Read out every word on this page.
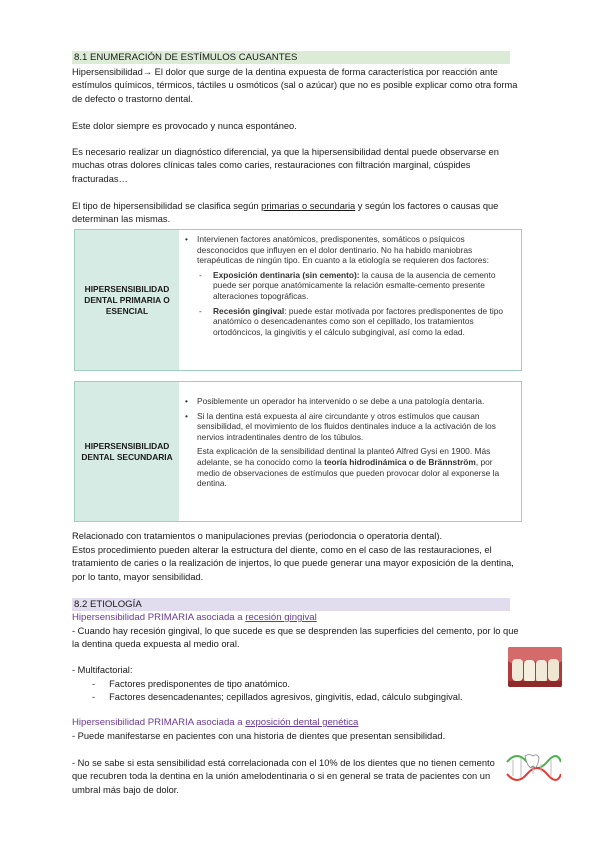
8.1 ENUMERACIÓN DE ESTÍMULOS CAUSANTES

Hipersensibilidad→ El dolor que surge de la dentina expuesta de forma característica por reacción ante estímulos químicos, térmicos, táctiles u osmóticos (sal o azúcar) que no es posible explicar como otra forma de defecto o trastorno dental.

Este dolor siempre es provocado y nunca espontáneo.

Es necesario realizar un diagnóstico diferencial, ya que la hipersensibilidad dental puede observarse en muchas otras dolores clínicas tales como caries, restauraciones con filtración marginal, cúspides fracturadas…

El tipo de hipersensibilidad se clasifica según primarias o secundaria y según los factores o causas que determinan las mismas.

HIPERSENSIBILIDAD DENTAL PRIMARIA O ESENCIAL
•	Intervienen factores anatómicos, predisponentes, somáticos o psíquicos desconocidos que influyen en el dolor dentinario. No ha habido maniobras terapéuticas de ningún tipo. En cuanto a la etiología se requieren dos factores:
-	Exposición dentinaria (sin cemento): la causa de la ausencia de cemento puede ser porque anatómicamente la relación esmalte-cemento presente alteraciones topográficas.
-	Recesión gingival: puede estar motivada por factores predisponentes de tipo anatómico o desencadenantes como son el cepillado, los tratamientos ortodóncicos, la gingivitis y el cálculo subgingival, así como la edad.
HIPERSENSIBILIDAD DENTAL SECUNDARIA
•	Posiblemente un operador ha intervenido o se debe a una patología dentaria.
•	Si la dentina está expuesta al aire circundante y otros estímulos que causan sensibilidad, el movimiento de los fluidos dentinales induce a la activación de los nervios intradentinales dentro de los túbulos.
Esta explicación de la sensibilidad dentinal la planteó Alfred Gysi en 1900. Más adelante, se ha conocido como la teoría hidrodinámica o de Brännström, por medio de observaciones de estímulos que pueden provocar dolor al exponerse la dentina.

Relacionado con tratamientos o manipulaciones previas (periodoncia o operatoria dental).

Estos procedimiento pueden alterar la estructura del diente, como en el caso de las restauraciones, el tratamiento de caries o la realización de injertos, lo que puede generar una mayor exposición de la dentina, por lo tanto, mayor sensibilidad.

8.2 ETIOLOGÍA
Hipersensibilidad PRIMARIA asociada a recesión gingival

- Cuando hay recesión gingival, lo que sucede es que se desprenden las superficies del cemento, por lo que la dentina queda expuesta al medio oral.

- Multifactorial:

- Factores predisponentes de tipo anatómico.
- Factores desencadenantes; cepillados agresivos, gingivitis, edad, cálculo subgingival.
Hipersensibilidad PRIMARIA asociada a exposición dental genética

- Puede manifestarse en pacientes con una historia de dientes que presentan sensibilidad.

- No se sabe si esta sensibilidad está correlacionada con el 10% de los dientes que no tienen cemento que recubren toda la dentina en la unión amelodentinaria o si en general se trata de pacientes con un umbral más bajo de dolor.
